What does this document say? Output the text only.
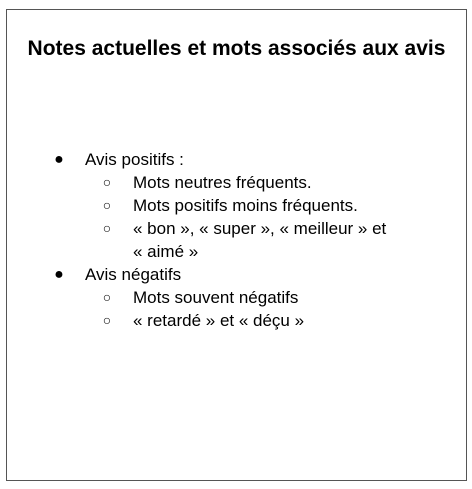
Notes actuelles et mots associés aux avis
●	Avis positifs :
○	Mots neutres fréquents.
○	Mots positifs moins fréquents.
○	« bon », « super », « meilleur » et
« aimé »
●	Avis négatifs
○	Mots souvent négatifs
○	« retardé » et « déçu »
